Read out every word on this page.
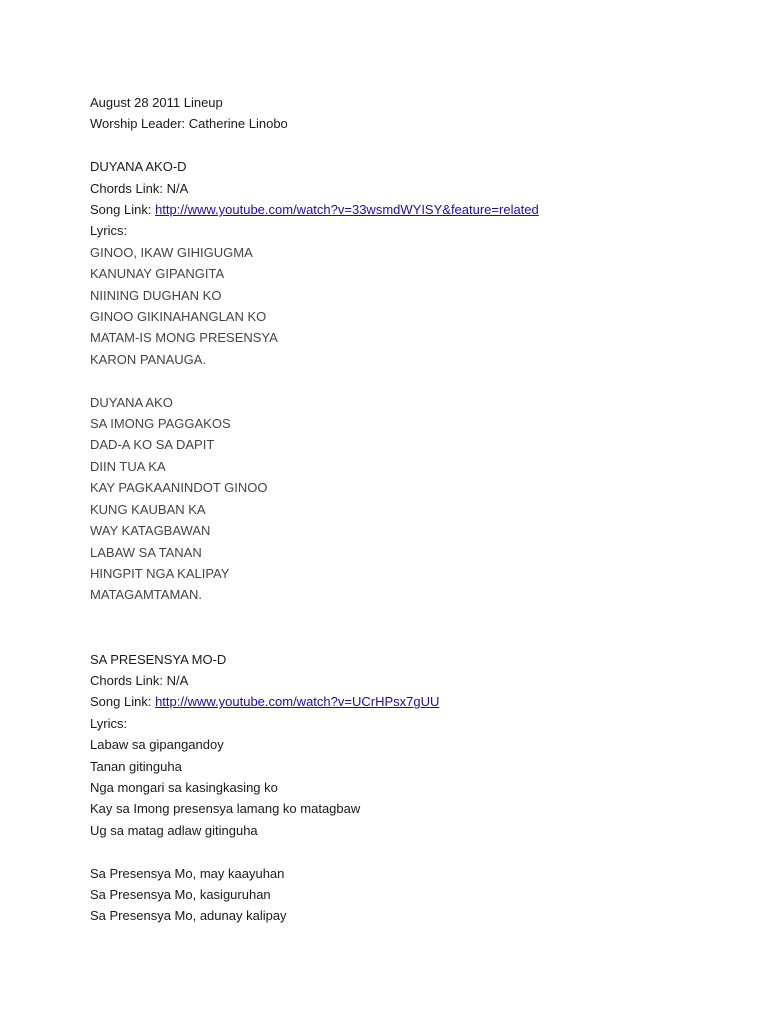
August 28 2011 Lineup
Worship Leader: Catherine Linobo
DUYANA AKO-D
Chords Link: N/A
Song Link: http://www.youtube.com/watch?v=33wsmdWYISY&feature=related
Lyrics:
GINOO, IKAW GIHIGUGMA
KANUNAY GIPANGITA
NIINING DUGHAN KO
GINOO GIKINAHANGLAN KO
MATAM-IS MONG PRESENSYA
KARON PANAUGA.
DUYANA AKO
SA IMONG PAGGAKOS
DAD-A KO SA DAPIT
DIIN TUA KA
KAY PAGKAANINDOT GINOO
KUNG KAUBAN KA
WAY KATAGBAWAN
LABAW SA TANAN
HINGPIT NGA KALIPAY
MATAGAMTAMAN.
SA PRESENSYA MO-D
Chords Link: N/A
Song Link: http://www.youtube.com/watch?v=UCrHPsx7gUU
Lyrics:
Labaw sa gipangandoy
Tanan gitinguha
Nga mongari sa kasingkasing ko
Kay sa Imong presensya lamang ko matagbaw
Ug sa matag adlaw gitinguha
Sa Presensya Mo, may kaayuhan
Sa Presensya Mo, kasiguruhan
Sa Presensya Mo, adunay kalipay
